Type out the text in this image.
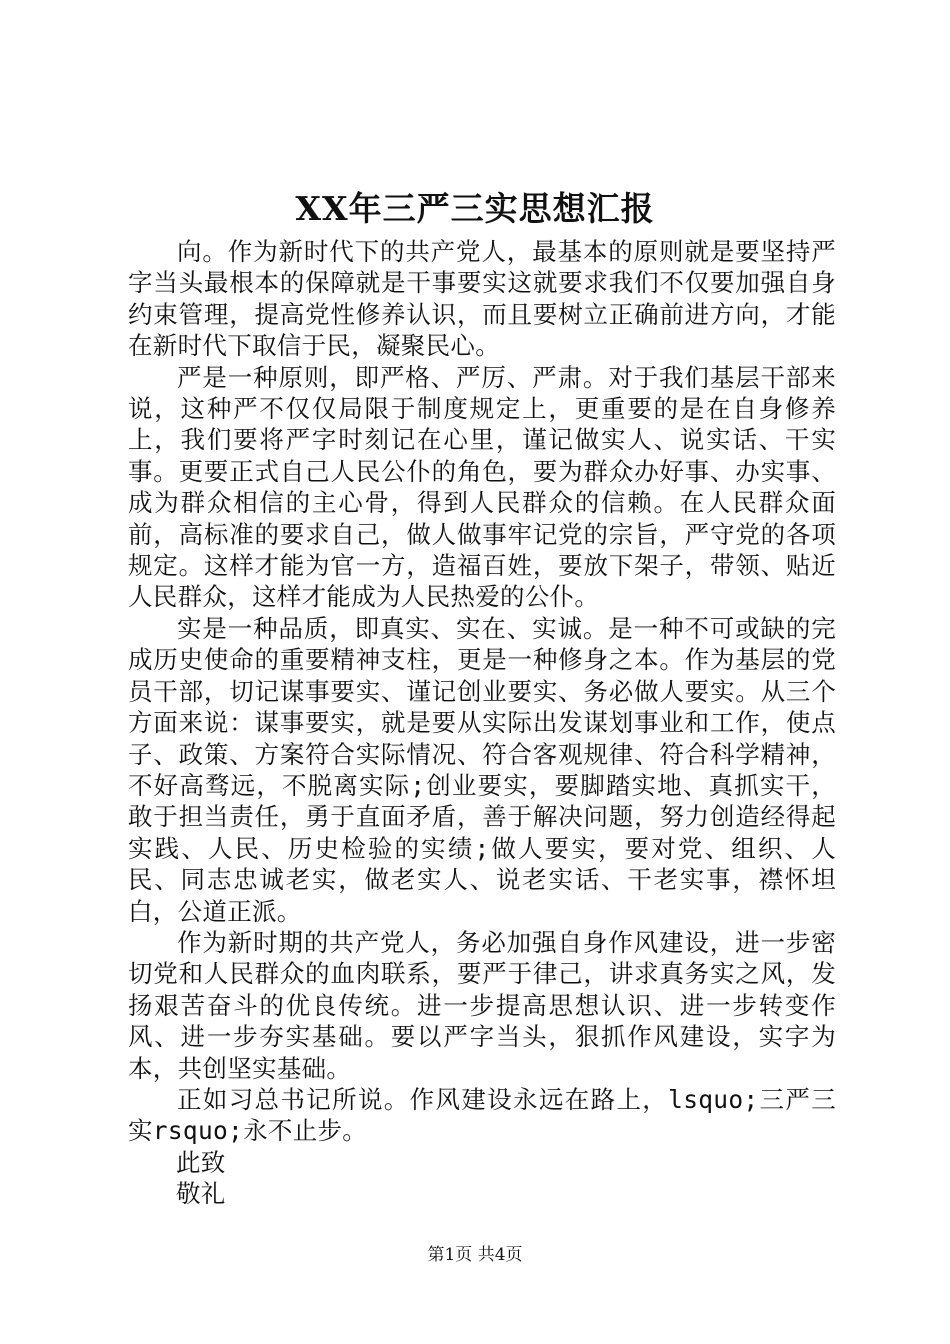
XX年三严三实思想汇报

向。作为新时代下的共产党人，最基本的原则就是要坚持严字当头最根本的保障就是干事要实这就要求我们不仅要加强自身约束管理，提高党性修养认识，而且要树立正确前进方向，才能在新时代下取信于民，凝聚民心。

严是一种原则，即严格、严厉、严肃。对于我们基层干部来说，这种严不仅仅局限于制度规定上，更重要的是在自身修养上，我们要将严字时刻记在心里，谨记做实人、说实话、干实事。更要正式自己人民公仆的角色，要为群众办好事、办实事、成为群众相信的主心骨，得到人民群众的信赖。在人民群众面前，高标准的要求自己，做人做事牢记党的宗旨，严守党的各项规定。这样才能为官一方，造福百姓，要放下架子，带领、贴近人民群众，这样才能成为人民热爱的公仆。

实是一种品质，即真实、实在、实诚。是一种不可或缺的完成历史使命的重要精神支柱，更是一种修身之本。作为基层的党员干部，切记谋事要实、谨记创业要实、务必做人要实。从三个方面来说：谋事要实，就是要从实际出发谋划事业和工作，使点子、政策、方案符合实际情况、符合客观规律、符合科学精神，不好高骛远，不脱离实际;创业要实，要脚踏实地、真抓实干，敢于担当责任，勇于直面矛盾，善于解决问题，努力创造经得起实践、人民、历史检验的实绩;做人要实，要对党、组织、人民、同志忠诚老实，做老实人、说老实话、干老实事，襟怀坦白，公道正派。

作为新时期的共产党人，务必加强自身作风建设，进一步密切党和人民群众的血肉联系，要严于律己，讲求真务实之风，发扬艰苦奋斗的优良传统。进一步提高思想认识、进一步转变作风、进一步夯实基础。要以严字当头，狠抓作风建设，实字为本，共创坚实基础。

正如习总书记所说。作风建设永远在路上，lsquo;三严三实rsquo;永不止步。

此致

敬礼

第1页 共4页
